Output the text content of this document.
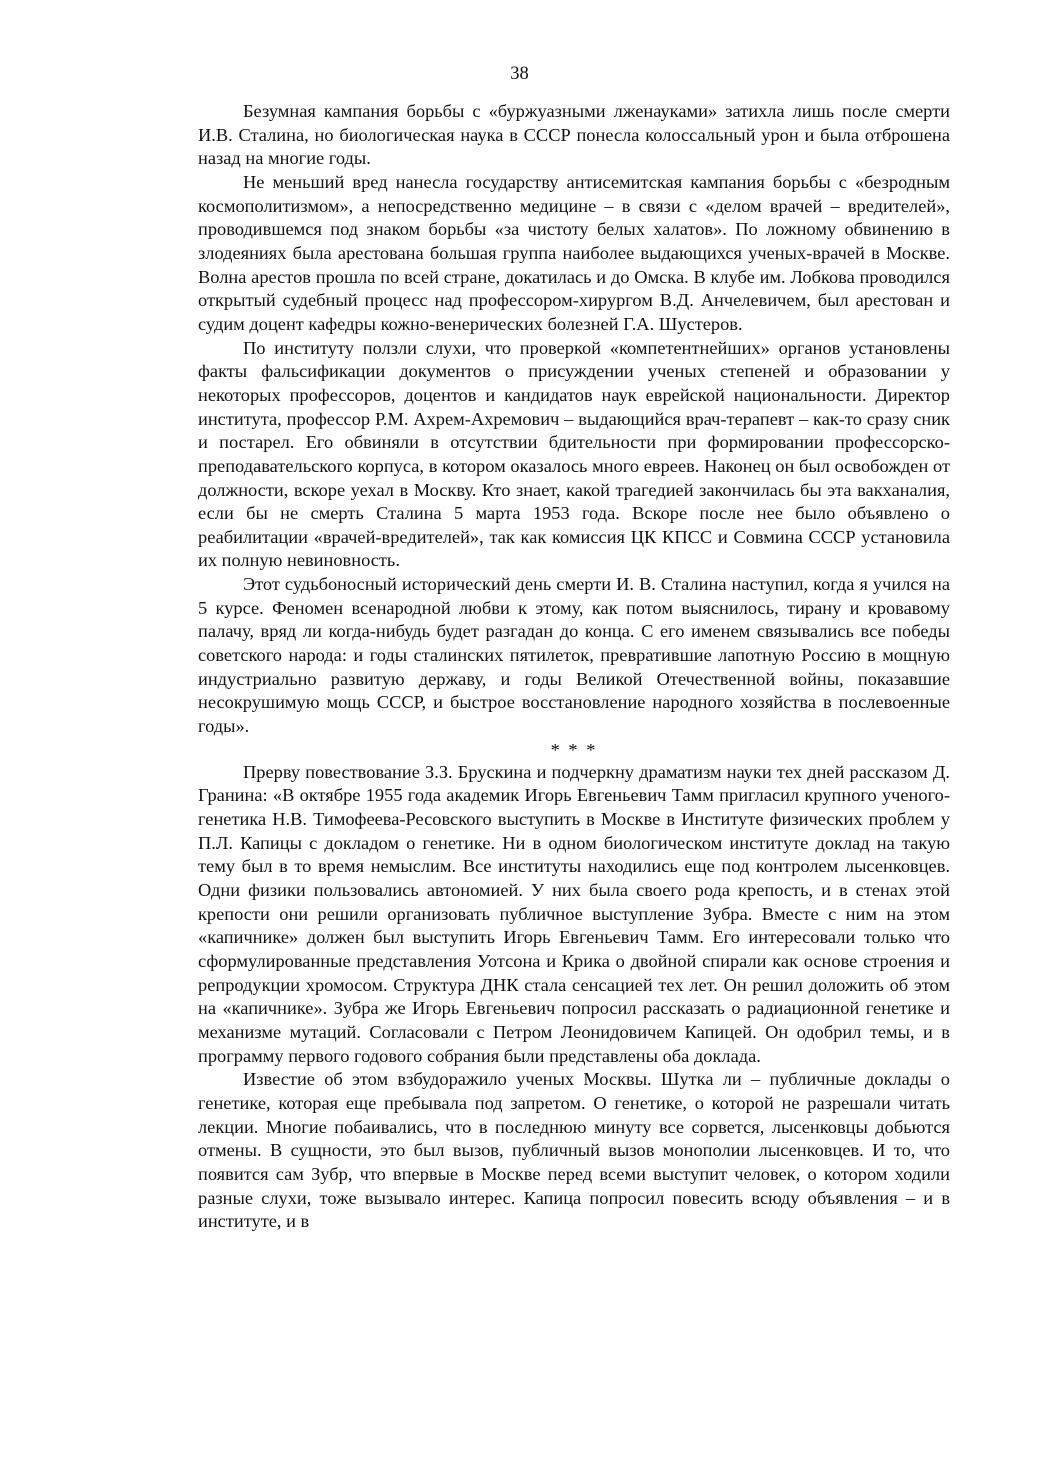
38

Безумная кампания борьбы с «буржуазными лженауками» затихла лишь после смерти И.В. Сталина, но биологическая наука в СССР понесла колоссальный урон и была отброшена назад на многие годы.

Не меньший вред нанесла государству антисемитская кампания борьбы с «безродным космополитизмом», а непосредственно медицине – в связи с «делом врачей – вредителей», проводившемся под знаком борьбы «за чистоту белых халатов». По ложному обвинению в злодеяниях была арестована большая группа наиболее выдающихся ученых-врачей в Москве. Волна арестов прошла по всей стране, докатилась и до Омска. В клубе им. Лобкова проводился открытый судебный процесс над профессором-хирургом В.Д. Анчелевичем, был арестован и судим доцент кафедры кожно-венерических болезней Г.А. Шустеров.

По институту ползли слухи, что проверкой «компетентнейших» органов установлены факты фальсификации документов о присуждении ученых степеней и образовании у некоторых профессоров, доцентов и кандидатов наук еврейской национальности. Директор института, профессор Р.М. Ахрем-Ахремович – выдающийся врач-терапевт – как-то сразу сник и постарел. Его обвиняли в отсутствии бдительности при формировании профессорско-преподавательского корпуса, в котором оказалось много евреев. Наконец он был освобожден от должности, вскоре уехал в Москву. Кто знает, какой трагедией закончилась бы эта вакханалия, если бы не смерть Сталина 5 марта 1953 года. Вскоре после нее было объявлено о реабилитации «врачей-вредителей», так как комиссия ЦК КПСС и Совмина СССР установила их полную невиновность.

Этот судьбоносный исторический день смерти И. В. Сталина наступил, когда я учился на 5 курсе. Феномен всенародной любви к этому, как потом выяснилось, тирану и кровавому палачу, вряд ли когда-нибудь будет разгадан до конца. С его именем связывались все победы советского народа: и годы сталинских пятилеток, превратившие лапотную Россию в мощную индустриально развитую державу, и годы Великой Отечественной войны, показавшие несокрушимую мощь СССР, и быстрое восстановление народного хозяйства в послевоенные годы».

* * *

Прерву повествование З.З. Брускина и подчеркну драматизм науки тех дней рассказом Д. Гранина: «В октябре 1955 года академик Игорь Евгеньевич Тамм пригласил крупного ученого-генетика Н.В. Тимофеева-Ресовского выступить в Москве в Институте физических проблем у П.Л. Капицы с докладом о генетике. Ни в одном биологическом институте доклад на такую тему был в то время немыслим. Все институты находились еще под контролем лысенковцев. Одни физики пользовались автономией. У них была своего рода крепость, и в стенах этой крепости они решили организовать публичное выступление Зубра. Вместе с ним на этом «капичнике» должен был выступить Игорь Евгеньевич Тамм. Его интересовали только что сформулированные представления Уотсона и Крика о двойной спирали как основе строения и репродукции хромосом. Структура ДНК стала сенсацией тех лет. Он решил доложить об этом на «капичнике». Зубра же Игорь Евгеньевич попросил рассказать о радиационной генетике и механизме мутаций. Согласовали с Петром Леонидовичем Капицей. Он одобрил темы, и в программу первого годового собрания были представлены оба доклада.

Известие об этом взбудоражило ученых Москвы. Шутка ли – публичные доклады о генетике, которая еще пребывала под запретом. О генетике, о которой не разрешали читать лекции. Многие побаивались, что в последнюю минуту все сорвется, лысенковцы добьются отмены. В сущности, это был вызов, публичный вызов монополии лысенковцев. И то, что появится сам Зубр, что впервые в Москве перед всеми выступит человек, о котором ходили разные слухи, тоже вызывало интерес. Капица попросил повесить всюду объявления – и в институте, и в
